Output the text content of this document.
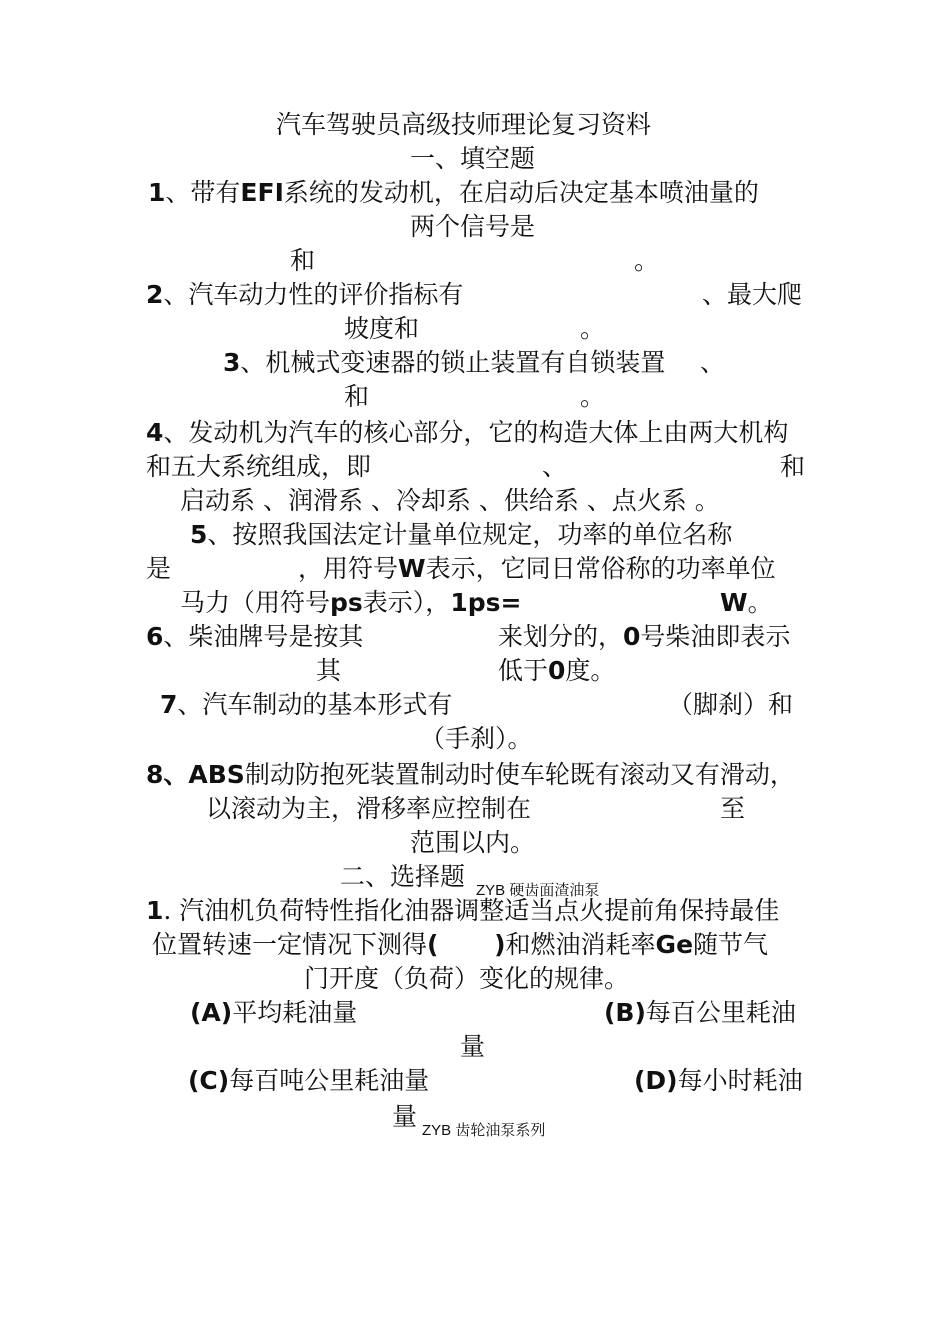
汽车驾驶员高级技师理论复习资料
一、填空题
1、带有EFI系统的发动机，在启动后决定基本喷油量的
两个信号是
和	。
2、汽车动力性的评价指标有	、最大爬
坡度和	。
3、机械式变速器的锁止装置有自锁装置 、
和	。
4、发动机为汽车的核心部分，它的构造大体上由两大机构
和五大系统组成，即	、	和
启动系 、润滑系 、冷却系 、供给系 、点火系 。
5、按照我国法定计量单位规定，功率的单位名称
是	，用符号W表示，它同日常俗称的功率单位
马力（用符号ps表示），1ps=	W。
6、柴油牌号是按其	来划分的，0号柴油即表示
其	低于0度。
7、汽车制动的基本形式有	（脚刹）和
（手刹）。
8、ABS制动防抱死装置制动时使车轮既有滚动又有滑动，
以滚动为主，滑移率应控制在	至
范围以内。
二、选择题 ZYB 硬齿面渣油泵
1. 汽油机负荷特性指化油器调整适当点火提前角保持最佳
位置转速一定情况下测得( )和燃油消耗率Ge随节气
门开度（负荷）变化的规律。
(A)平均耗油量	(B)每百公里耗油
量
(C)每百吨公里耗油量	(D)每小时耗油
量 ZYB 齿轮油泵系列
